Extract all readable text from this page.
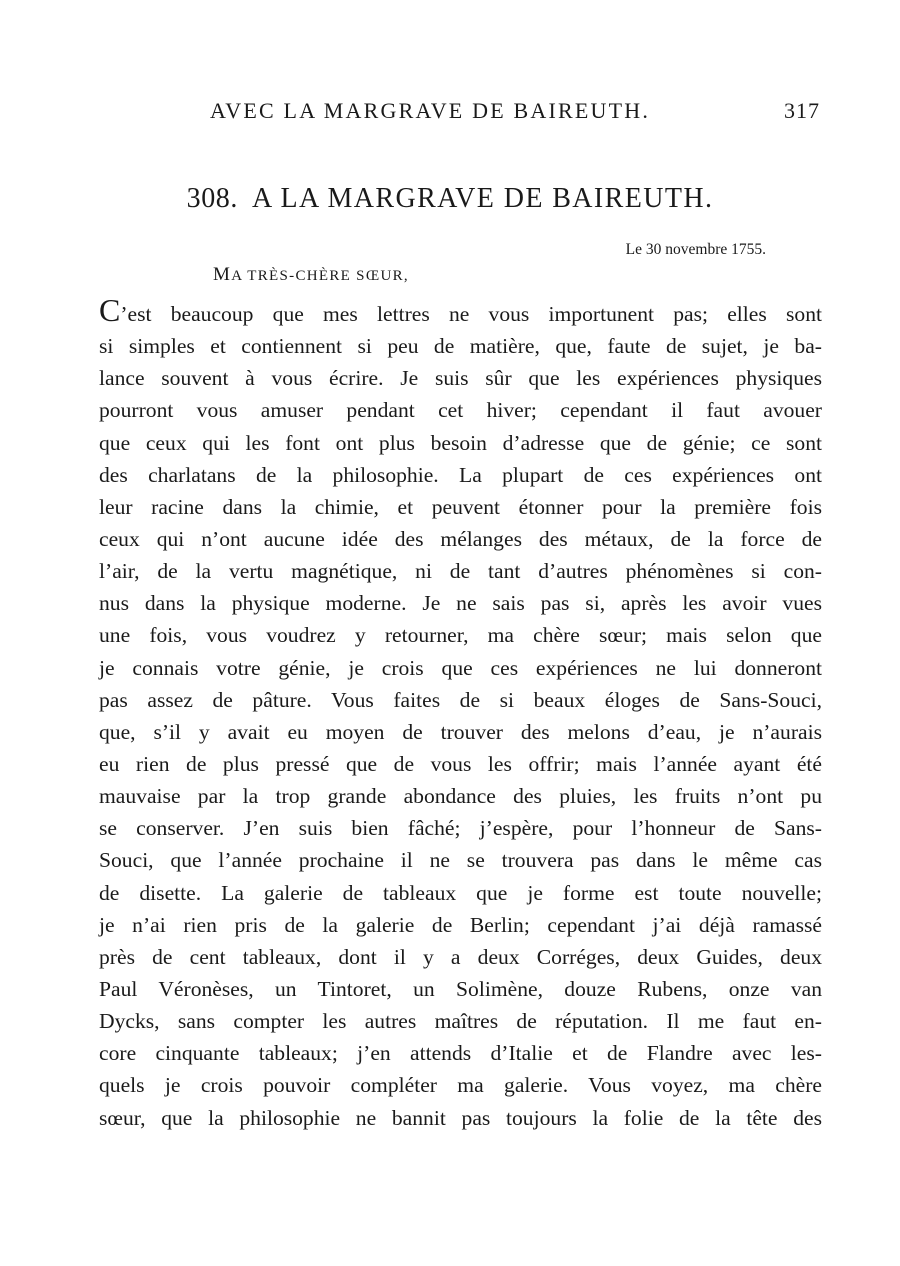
AVEC LA MARGRAVE DE BAIREUTH.	317
308. A LA MARGRAVE DE BAIREUTH.
Le 30 novembre 1755.
MA TRÈS-CHÈRE SŒUR,
C’est beaucoup que mes lettres ne vous importunent pas; elles sont
si simples et contiennent si peu de matière, que, faute de sujet, je ba-
lance souvent à vous écrire. Je suis sûr que les expériences physiques
pourront vous amuser pendant cet hiver; cependant il faut avouer
que ceux qui les font ont plus besoin d’adresse que de génie; ce sont
des charlatans de la philosophie. La plupart de ces expériences ont
leur racine dans la chimie, et peuvent étonner pour la première fois
ceux qui n’ont aucune idée des mélanges des métaux, de la force de
l’air, de la vertu magnétique, ni de tant d’autres phénomènes si con-
nus dans la physique moderne. Je ne sais pas si, après les avoir vues
une fois, vous voudrez y retourner, ma chère sœur; mais selon que
je connais votre génie, je crois que ces expériences ne lui donneront
pas assez de pâture. Vous faites de si beaux éloges de Sans-Souci,
que, s’il y avait eu moyen de trouver des melons d’eau, je n’aurais
eu rien de plus pressé que de vous les offrir; mais l’année ayant été
mauvaise par la trop grande abondance des pluies, les fruits n’ont pu
se conserver. J’en suis bien fâché; j’espère, pour l’honneur de Sans-
Souci, que l’année prochaine il ne se trouvera pas dans le même cas
de disette. La galerie de tableaux que je forme est toute nouvelle;
je n’ai rien pris de la galerie de Berlin; cependant j’ai déjà ramassé
près de cent tableaux, dont il y a deux Corréges, deux Guides, deux
Paul Véronèses, un Tintoret, un Solimène, douze Rubens, onze van
Dycks, sans compter les autres maîtres de réputation. Il me faut en-
core cinquante tableaux; j’en attends d’Italie et de Flandre avec les-
quels je crois pouvoir compléter ma galerie. Vous voyez, ma chère
sœur, que la philosophie ne bannit pas toujours la folie de la tête des
